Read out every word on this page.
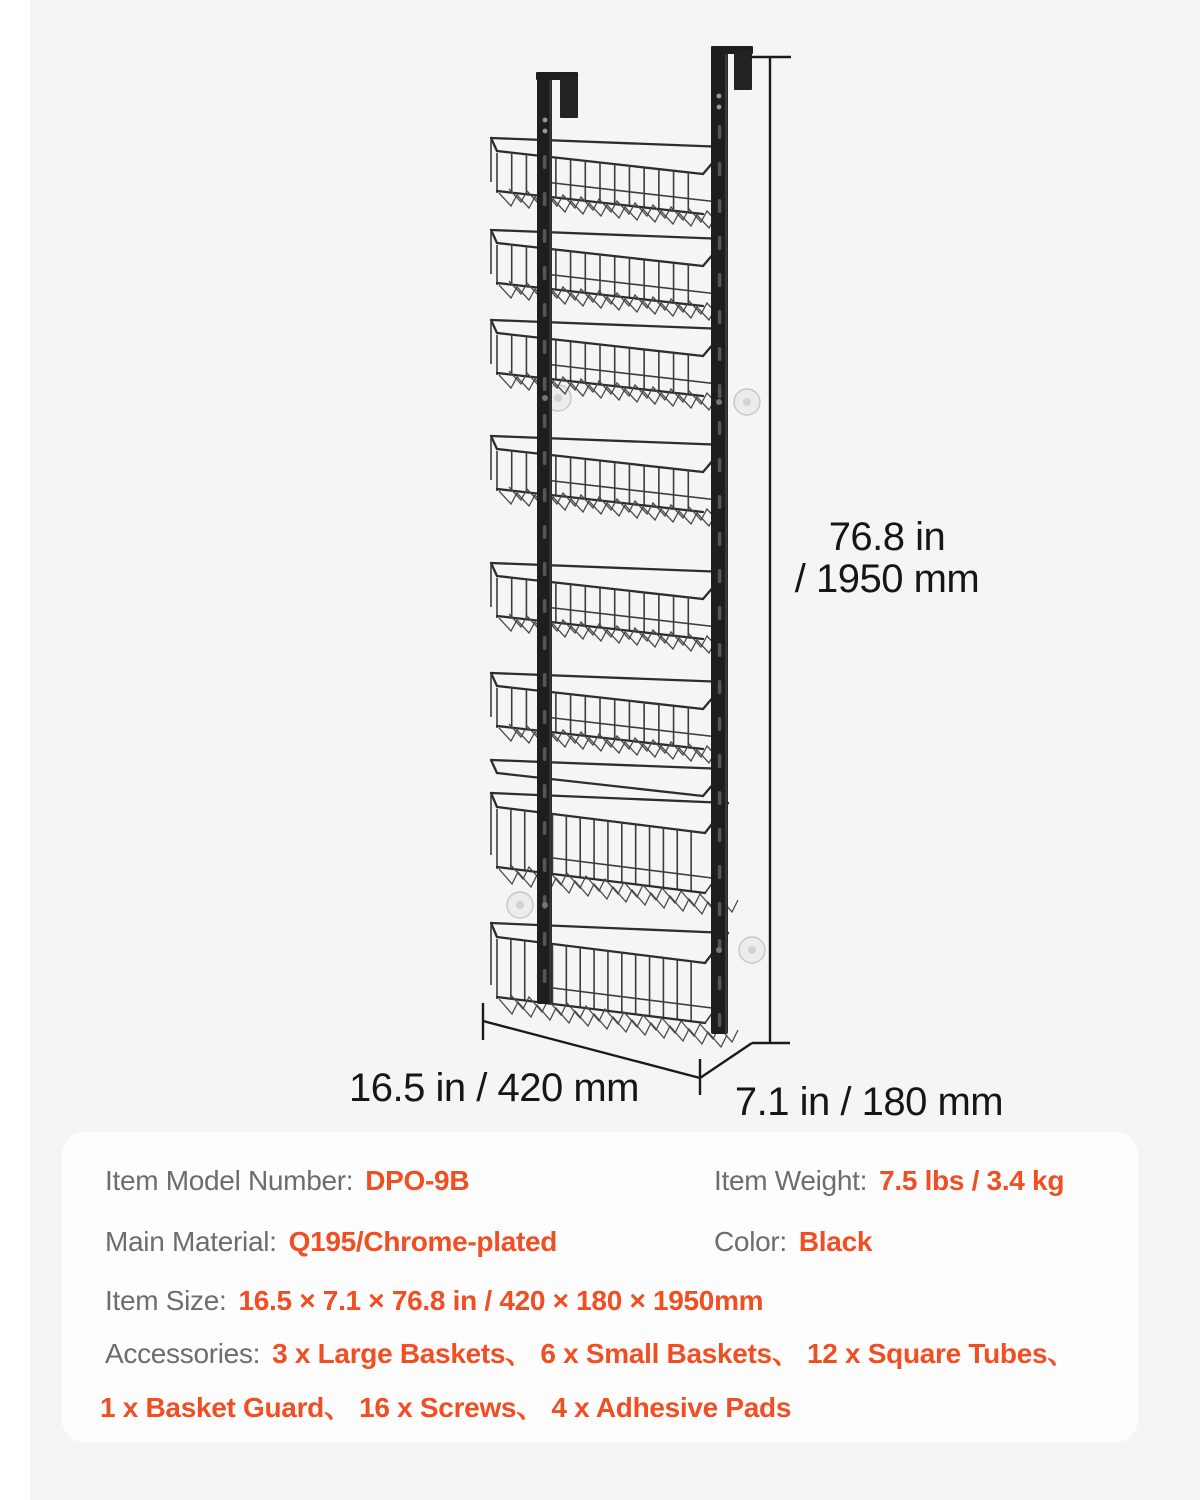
76.8 in
/ 1950 mm
16.5 in / 420 mm	7.1 in / 180 mm
Item Model Number: DPO-9B	Item Weight: 7.5 lbs / 3.4 kg
Main Material: Q195/Chrome-plated	Color: Black
Item Size: 16.5 × 7.1 × 76.8 in / 420 × 180 × 1950mm
Accessories: 3 x Large Baskets、 6 x Small Baskets、 12 x Square Tubes、
1 x Basket Guard、 16 x Screws、 4 x Adhesive Pads
